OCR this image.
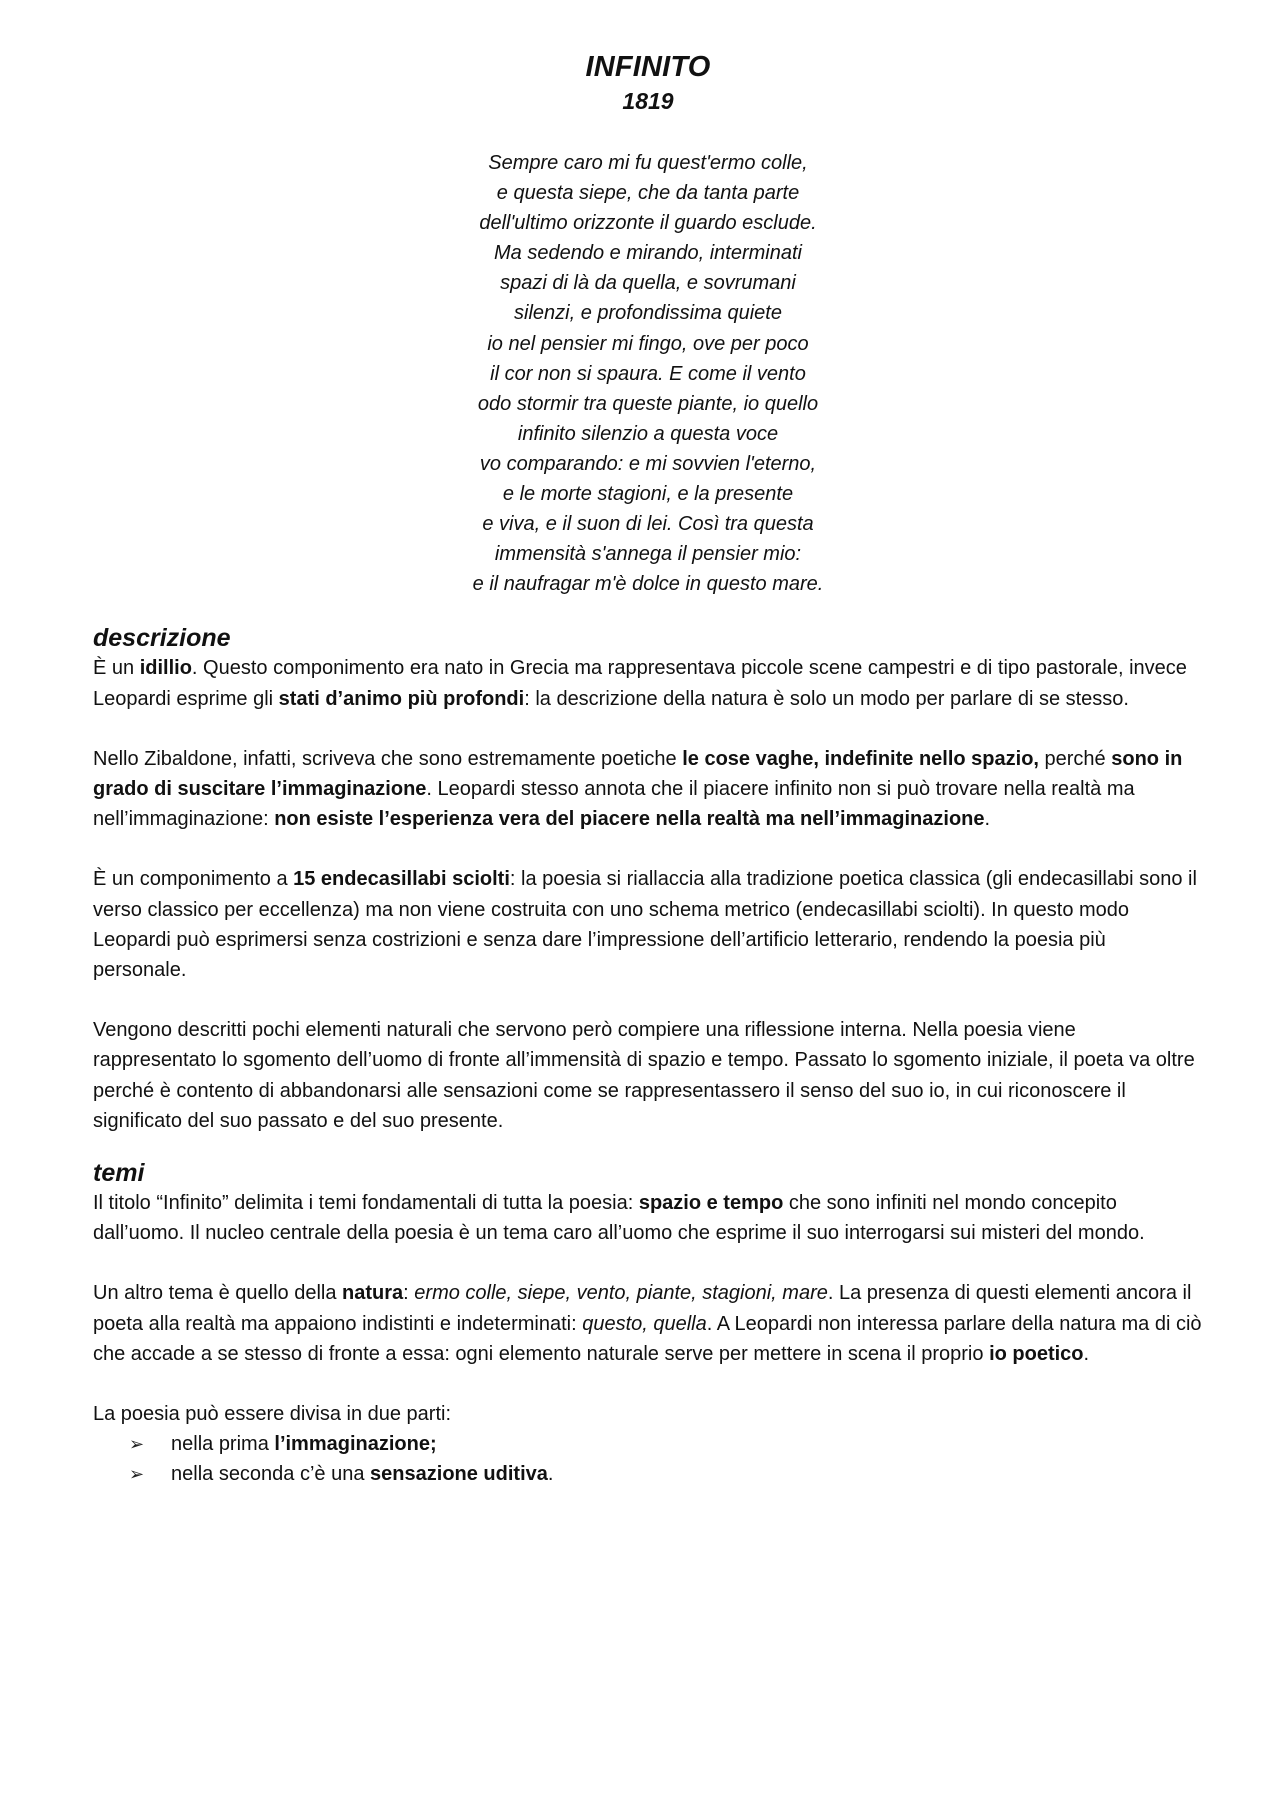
INFINITO
1819
Sempre caro mi fu quest'ermo colle,
e questa siepe, che da tanta parte
dell'ultimo orizzonte il guardo esclude.
Ma sedendo e mirando, interminati
spazi di là da quella, e sovrumani
silenzi, e profondissima quiete
io nel pensier mi fingo, ove per poco
il cor non si spaura. E come il vento
odo stormir tra queste piante, io quello
infinito silenzio a questa voce
vo comparando: e mi sovvien l'eterno,
e le morte stagioni, e la presente
e viva, e il suon di lei. Così tra questa
immensità s'annega il pensier mio:
e il naufragar m'è dolce in questo mare.
descrizione

È un idillio. Questo componimento era nato in Grecia ma rappresentava piccole scene campestri e di tipo pastorale, invece Leopardi esprime gli stati d’animo più profondi: la descrizione della natura è solo un modo per parlare di se stesso.

Nello Zibaldone, infatti, scriveva che sono estremamente poetiche le cose vaghe, indefinite nello spazio, perché sono in grado di suscitare l’immaginazione. Leopardi stesso annota che il piacere infinito non si può trovare nella realtà ma nell’immaginazione: non esiste l’esperienza vera del piacere nella realtà ma nell’immaginazione.

È un componimento a 15 endecasillabi sciolti: la poesia si riallaccia alla tradizione poetica classica (gli endecasillabi sono il verso classico per eccellenza) ma non viene costruita con uno schema metrico (endecasillabi sciolti). In questo modo Leopardi può esprimersi senza costrizioni e senza dare l’impressione dell’artificio letterario, rendendo la poesia più personale.

Vengono descritti pochi elementi naturali che servono però compiere una riflessione interna. Nella poesia viene rappresentato lo sgomento dell’uomo di fronte all’immensità di spazio e tempo. Passato lo sgomento iniziale, il poeta va oltre perché è contento di abbandonarsi alle sensazioni come se rappresentassero il senso del suo io, in cui riconoscere il significato del suo passato e del suo presente.

temi

Il titolo “Infinito” delimita i temi fondamentali di tutta la poesia: spazio e tempo che sono infiniti nel mondo concepito dall’uomo. Il nucleo centrale della poesia è un tema caro all’uomo che esprime il suo interrogarsi sui misteri del mondo.

Un altro tema è quello della natura: ermo colle, siepe, vento, piante, stagioni, mare. La presenza di questi elementi ancora il poeta alla realtà ma appaiono indistinti e indeterminati: questo, quella. A Leopardi non interessa parlare della natura ma di ciò che accade a se stesso di fronte a essa: ogni elemento naturale serve per mettere in scena il proprio io poetico.

La poesia può essere divisa in due parti:

➢ nella prima l’immaginazione;
➢ nella seconda c’è una sensazione uditiva.
